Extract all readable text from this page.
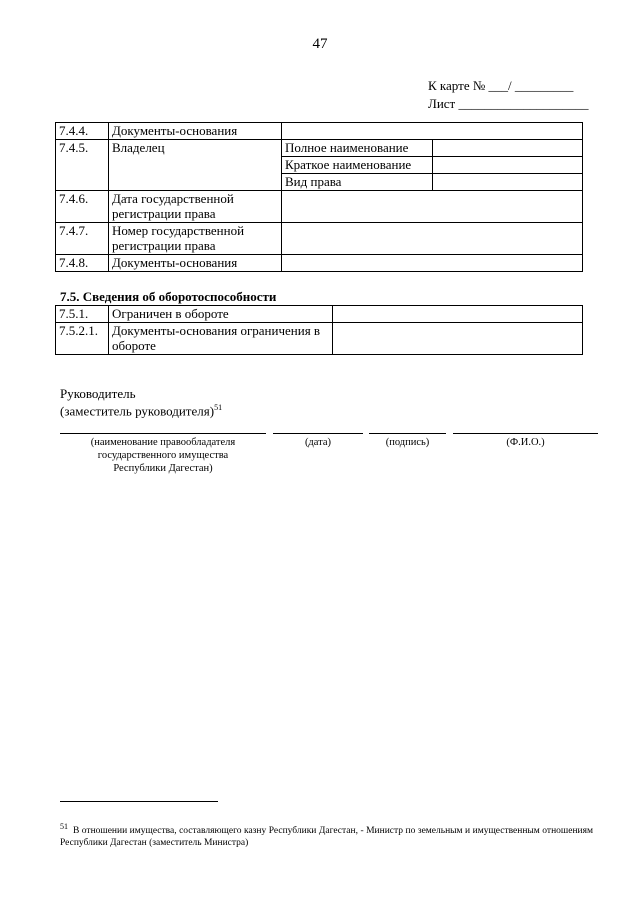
47
К карте № ___/ _________
Лист ____________________
7.4.4.	Документы-основания		
7.4.5.	Владелец	Полное наименование	
		Краткое наименование	
		Вид права	
7.4.6.	Дата государственной регистрации права		
7.4.7.	Номер государственной регистрации права		
7.4.8.	Документы-основания		
7.5. Сведения об оборотоспособности
7.5.1.	Ограничен в обороте	
7.5.2.1.	Документы-основания ограничения в обороте	
Руководитель
(заместитель руководителя)$^{51}$
(наименование правообладателя государственного имущества Республики Дагестан)
(дата)	(подпись)	(Ф.И.О.)
$^{51}$ В отношении имущества, составляющего казну Республики Дагестан, - Министр по земельным и имущественным отношениям Республики Дагестан (заместитель Министра)
